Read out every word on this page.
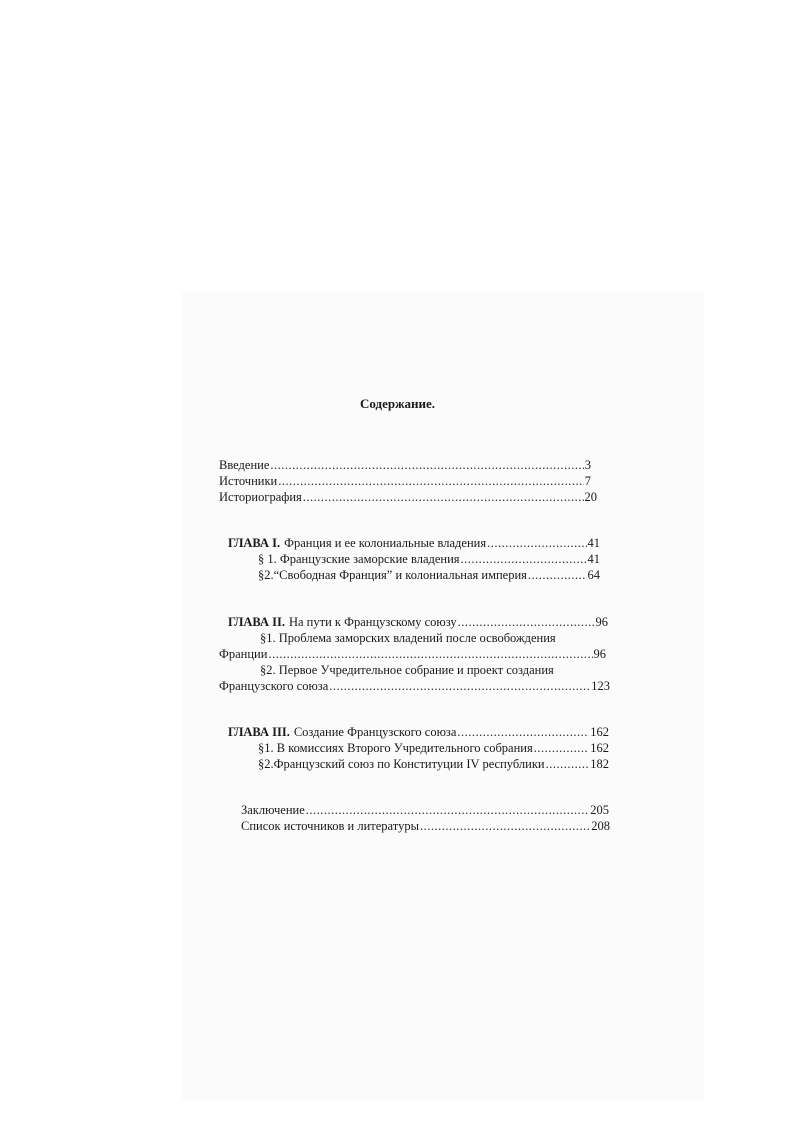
Содержание.
Введение .....	3
Источники .....	7
Историография .....	20
ГЛАВА I. Франция и ее колониальные владения .....	41
§ 1. Французские заморские владения .....	41
§2.“Свободная Франция” и колониальная империя .....	64
ГЛАВА II. На пути к Французскому союзу .....	96
§1. Проблема заморских владений после освобождения
Франции .....	96
§2. Первое Учредительное собрание и проект создания
Французского союза .....	123
ГЛАВА III. Создание Французского союза .....	162
§1. В комиссиях Второго Учредительного собрания .....	162
§2.Французский союз по Конституции IV республики .....	182
Заключение .....	205
Список источников и литературы .....	208
